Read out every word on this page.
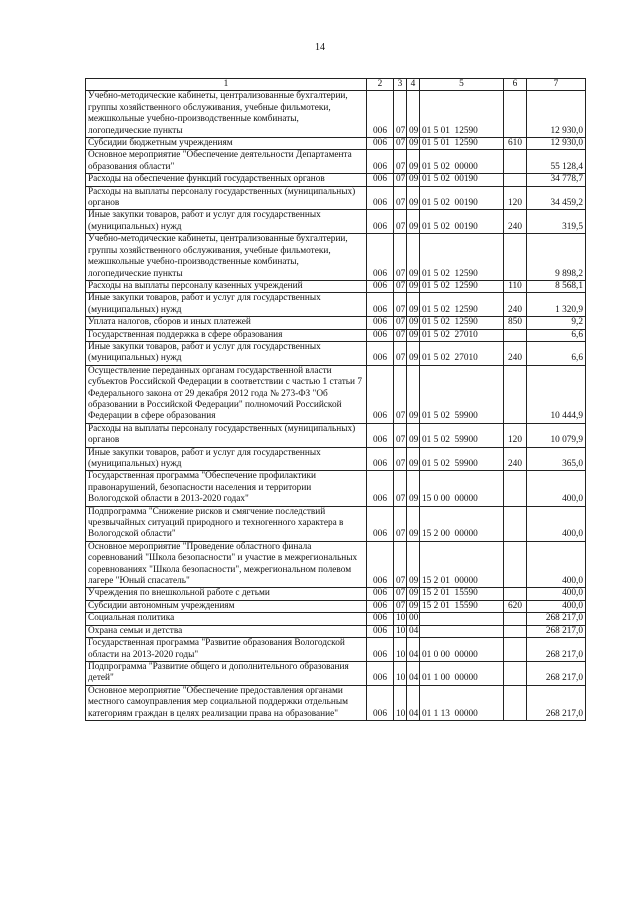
14
1	2	3	4	5	6	7
Учебно-методические кабинеты, централизованные бухгалтерии, группы хозяйственного обслуживания, учебные фильмотеки, межшкольные учебно-производственные комбинаты, логопедические пункты	006	07	09	01 5 01  12590		12 930,0
Субсидии бюджетным учреждениям	006	07	09	01 5 01  12590	610	12 930,0
Основное мероприятие "Обеспечение деятельности Департамента образования области"	006	07	09	01 5 02  00000		55 128,4
Расходы на обеспечение функций государственных органов	006	07	09	01 5 02  00190		34 778,7
Расходы на выплаты персоналу государственных (муниципальных) органов	006	07	09	01 5 02  00190	120	34 459,2
Иные закупки товаров, работ и услуг для государственных (муниципальных) нужд	006	07	09	01 5 02  00190	240	319,5
Учебно-методические кабинеты, централизованные бухгалтерии, группы хозяйственного обслуживания, учебные фильмотеки, межшкольные учебно-производственные комбинаты, логопедические пункты	006	07	09	01 5 02  12590		9 898,2
Расходы на выплаты персоналу казенных учреждений	006	07	09	01 5 02  12590	110	8 568,1
Иные закупки товаров, работ и услуг для государственных (муниципальных) нужд	006	07	09	01 5 02  12590	240	1 320,9
Уплата налогов, сборов и иных платежей	006	07	09	01 5 02  12590	850	9,2
Государственная поддержка в сфере образования	006	07	09	01 5 02  27010		6,6
Иные закупки товаров, работ и услуг для государственных (муниципальных) нужд	006	07	09	01 5 02  27010	240	6,6
Осуществление переданных органам государственной власти субъектов Российской Федерации в соответствии с частью 1 статьи 7 Федерального закона от 29 декабря 2012 года № 273-ФЗ "Об образовании в Российской Федерации" полномочий Российской Федерации в сфере образования	006	07	09	01 5 02  59900		10 444,9
Расходы на выплаты персоналу государственных (муниципальных) органов	006	07	09	01 5 02  59900	120	10 079,9
Иные закупки товаров, работ и услуг для государственных (муниципальных) нужд	006	07	09	01 5 02  59900	240	365,0
Государственная программа "Обеспечение профилактики правонарушений, безопасности населения и территории Вологодской области в 2013-2020 годах"	006	07	09	15 0 00  00000		400,0
Подпрограмма "Снижение рисков и смягчение последствий чрезвычайных ситуаций природного и техногенного характера в Вологодской области"	006	07	09	15 2 00  00000		400,0
Основное мероприятие "Проведение областного финала соревнований "Школа безопасности" и участие в межрегиональных соревнованиях "Школа безопасности", межрегиональном полевом лагере "Юный спасатель"	006	07	09	15 2 01  00000		400,0
Учреждения по внешкольной работе с детьми	006	07	09	15 2 01  15590		400,0
Субсидии автономным учреждениям	006	07	09	15 2 01  15590	620	400,0
Социальная политика	006	10	00			268 217,0
Охрана семьи и детства	006	10	04			268 217,0
Государственная программа "Развитие образования Вологодской области на 2013-2020 годы"	006	10	04	01 0 00  00000		268 217,0
Подпрограмма "Развитие общего и дополнительного образования детей"	006	10	04	01 1 00  00000		268 217,0
Основное мероприятие "Обеспечение предоставления органами местного самоуправления мер социальной поддержки отдельным категориям граждан в целях реализации права на образование"	006	10	04	01 1 13  00000		268 217,0
